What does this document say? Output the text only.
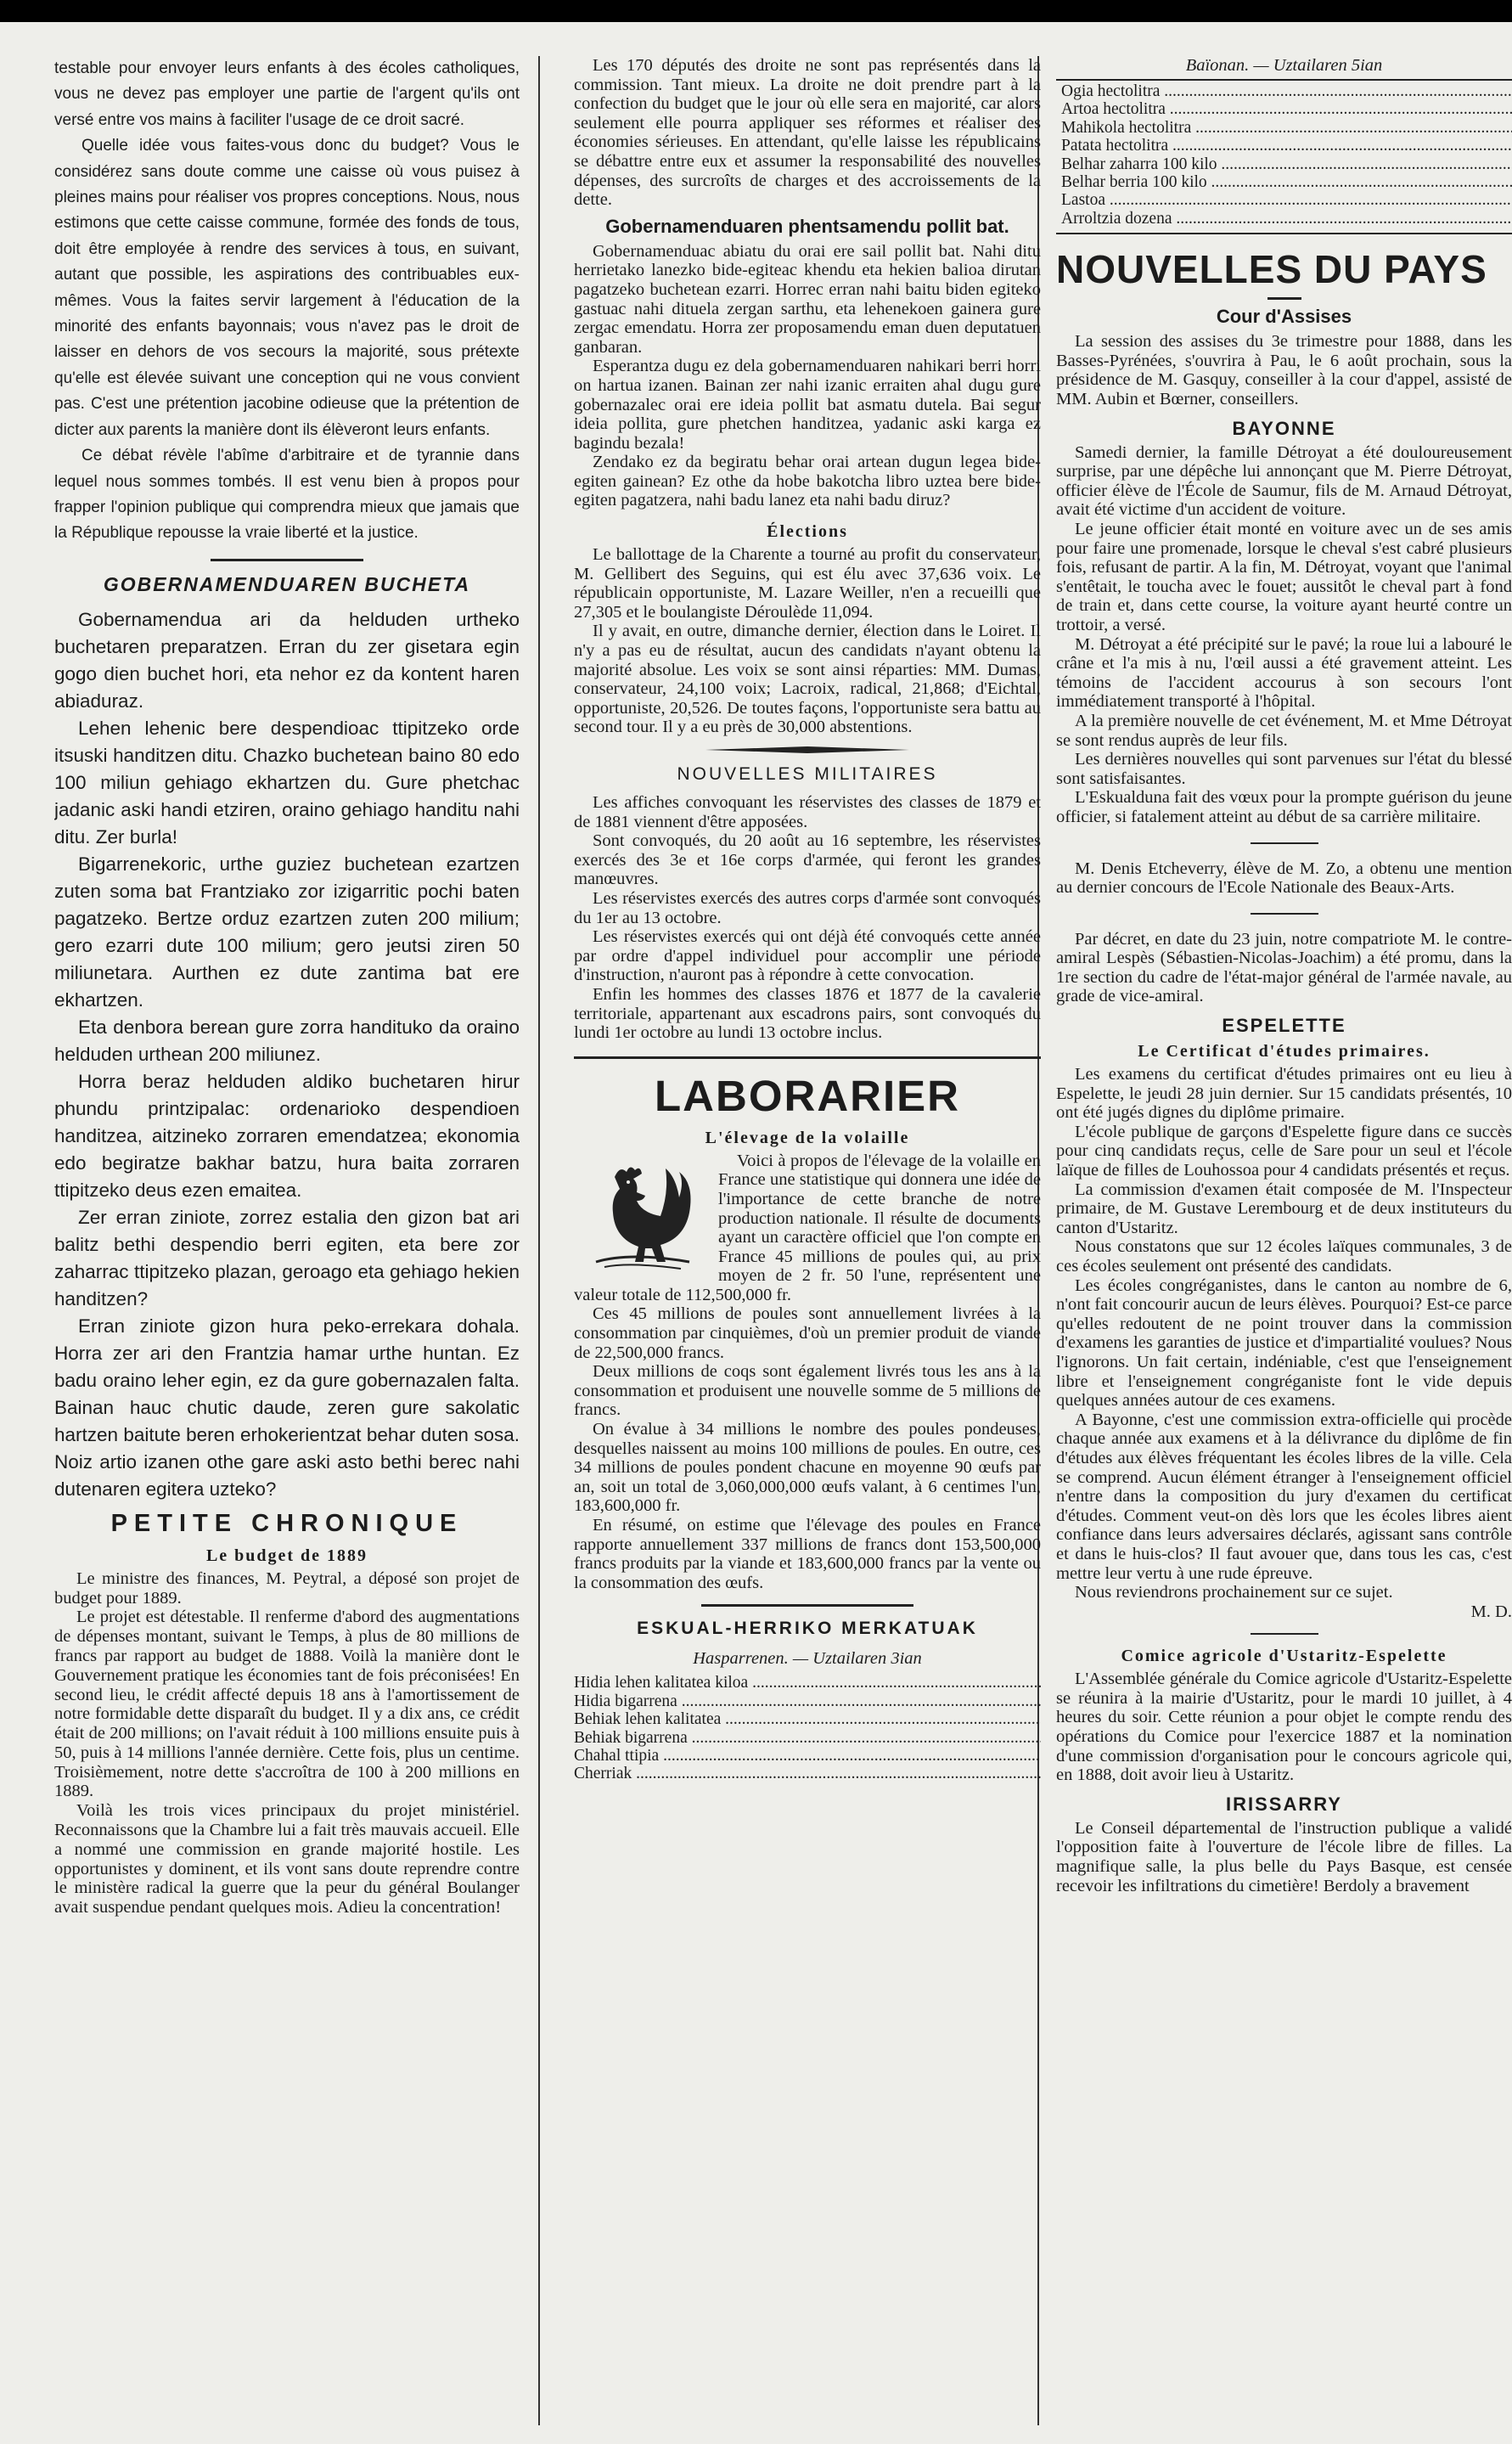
testable pour envoyer leurs enfants à des écoles catholiques, vous ne devez pas employer une partie de l'argent qu'ils ont versé entre vos mains à faciliter l'usage de ce droit sacré.

Quelle idée vous faites-vous donc du budget? Vous le considérez sans doute comme une caisse où vous puisez à pleines mains pour réaliser vos propres conceptions. Nous, nous estimons que cette caisse commune, formée des fonds de tous, doit être employée à rendre des services à tous, en suivant, autant que possible, les aspirations des contribuables eux-mêmes. Vous la faites servir largement à l'éducation de la minorité des enfants bayonnais; vous n'avez pas le droit de laisser en dehors de vos secours la majorité, sous prétexte qu'elle est élevée suivant une conception qui ne vous convient pas. C'est une prétention jacobine odieuse que la prétention de dicter aux parents la manière dont ils élèveront leurs enfants.

Ce débat révèle l'abîme d'arbitraire et de tyrannie dans lequel nous sommes tombés. Il est venu bien à propos pour frapper l'opinion publique qui comprendra mieux que jamais que la République repousse la vraie liberté et la justice.

GOBERNAMENDUAREN BUCHETA

Gobernamendua ari da helduden urtheko buchetaren preparatzen. Erran du zer gisetara egin gogo dien buchet hori, eta nehor ez da kontent haren abiaduraz.

Lehen lehenic bere despendioac ttipitzeko orde itsuski handitzen ditu. Chazko buchetean baino 80 edo 100 miliun gehiago ekhartzen du. Gure phetchac jadanic aski handi etziren, oraino gehiago handitu nahi ditu. Zer burla!

Bigarrenekoric, urthe guziez buchetean ezartzen zuten soma bat Frantziako zor izigarritic pochi baten pagatzeko. Bertze orduz ezartzen zuten 200 milium; gero ezarri dute 100 milium; gero jeutsi ziren 50 miliunetara. Aurthen ez dute zantima bat ere ekhartzen.

Eta denbora berean gure zorra handituko da oraino helduden urthean 200 miliunez.

Horra beraz helduden aldiko buchetaren hirur phundu printzipalac: ordenarioko despendioen handitzea, aitzineko zorraren emendatzea; ekonomia edo begiratze bakhar batzu, hura baita zorraren ttipitzeko deus ezen emaitea.

Zer erran ziniote, zorrez estalia den gizon bat ari balitz bethi despendio berri egiten, eta bere zor zaharrac ttipitzeko plazan, geroago eta gehiago hekien handitzen?

Erran ziniote gizon hura peko-errekara dohala. Horra zer ari den Frantzia hamar urthe huntan. Ez badu oraino leher egin, ez da gure gobernazalen falta. Bainan hauc chutic daude, zeren gure sakolatic hartzen baitute beren erhokerientzat behar duten sosa. Noiz artio izanen othe gare aski asto bethi berec nahi dutenaren egitera uzteko?

PETITE CHRONIQUE
Le budget de 1889

Le ministre des finances, M. Peytral, a déposé son projet de budget pour 1889.

Le projet est détestable. Il renferme d'abord des augmentations de dépenses montant, suivant le Temps, à plus de 80 millions de francs par rapport au budget de 1888. Voilà la manière dont le Gouvernement pratique les économies tant de fois préconisées! En second lieu, le crédit affecté depuis 18 ans à l'amortissement de notre formidable dette disparaît du budget. Il y a dix ans, ce crédit était de 200 millions; on l'avait réduit à 100 millions ensuite puis à 50, puis à 14 millions l'année dernière. Cette fois, plus un centime. Troisièmement, notre dette s'accroîtra de 100 à 200 millions en 1889.

Voilà les trois vices principaux du projet ministériel. Reconnaissons que la Chambre lui a fait très mauvais accueil. Elle a nommé une commission en grande majorité hostile. Les opportunistes y dominent, et ils vont sans doute reprendre contre le ministère radical la guerre que la peur du général Boulanger avait suspendue pendant quelques mois. Adieu la concentration!

Les 170 députés des droite ne sont pas représentés dans la commission. Tant mieux. La droite ne doit prendre part à la confection du budget que le jour où elle sera en majorité, car alors seulement elle pourra appliquer ses réformes et réaliser des économies sérieuses. En attendant, qu'elle laisse les républicains se débattre entre eux et assumer la responsabilité des nouvelles dépenses, des surcroîts de charges et des accroissements de la dette.

Gobernamenduaren phentsamendu pollit bat.

Gobernamenduac abiatu du orai ere sail pollit bat. Nahi ditu herrietako lanezko bide-egiteac khendu eta hekien balioa dirutan pagatzeko buchetean ezarri. Horrec erran nahi baitu biden egiteko gastuac nahi dituela zergan sarthu, eta lehenekoen gainera gure zergac emendatu. Horra zer proposamendu eman duen deputatuen ganbaran.

Esperantza dugu ez dela gobernamenduaren nahikari berri horri on hartua izanen. Bainan zer nahi izanic erraiten ahal dugu gure gobernazalec orai ere ideia pollit bat asmatu dutela. Bai segur ideia pollita, gure phetchen handitzea, yadanic aski karga ez bagindu bezala!

Zendako ez da begiratu behar orai artean dugun legea bide-egiten gainean? Ez othe da hobe bakotcha libro uztea bere bide-egiten pagatzera, nahi badu lanez eta nahi badu diruz?

Élections

Le ballottage de la Charente a tourné au profit du conservateur, M. Gellibert des Seguins, qui est élu avec 37,636 voix. Le républicain opportuniste, M. Lazare Weiller, n'en a recueilli que 27,305 et le boulangiste Déroulède 11,094.

Il y avait, en outre, dimanche dernier, élection dans le Loiret. Il n'y a pas eu de résultat, aucun des candidats n'ayant obtenu la majorité absolue. Les voix se sont ainsi réparties: MM. Dumas, conservateur, 24,100 voix; Lacroix, radical, 21,868; d'Eichtal, opportuniste, 20,526. De toutes façons, l'opportuniste sera battu au second tour. Il y a eu près de 30,000 abstentions.

NOUVELLES MILITAIRES

Les affiches convoquant les réservistes des classes de 1879 et de 1881 viennent d'être apposées.

Sont convoqués, du 20 août au 16 septembre, les réservistes exercés des 3e et 16e corps d'armée, qui feront les grandes manœuvres.

Les réservistes exercés des autres corps d'armée sont convoqués du 1er au 13 octobre.

Les réservistes exercés qui ont déjà été convoqués cette année par ordre d'appel individuel pour accomplir une période d'instruction, n'auront pas à répondre à cette convocation.

Enfin les hommes des classes 1876 et 1877 de la cavalerie territoriale, appartenant aux escadrons pairs, sont convoqués du lundi 1er octobre au lundi 13 octobre inclus.

LABORARIER
L'élevage de la volaille

Voici à propos de l'élevage de la volaille en France une statistique qui donnera une idée de l'importance de cette branche de notre production nationale. Il résulte de documents ayant un caractère officiel que l'on compte en France 45 millions de poules qui, au prix moyen de 2 fr. 50 l'une, représentent une valeur totale de 112,500,000 fr.

Ces 45 millions de poules sont annuellement livrées à la consommation par cinquièmes, d'où un premier produit de viande de 22,500,000 francs.

Deux millions de coqs sont également livrés tous les ans à la consommation et produisent une nouvelle somme de 5 millions de francs.

On évalue à 34 millions le nombre des poules pondeuses, desquelles naissent au moins 100 millions de poules. En outre, ces 34 millions de poules pondent chacune en moyenne 90 œufs par an, soit un total de 3,060,000,000 œufs valant, à 6 centimes l'un, 183,600,000 fr.

En résumé, on estime que l'élevage des poules en France rapporte annuellement 337 millions de francs dont 153,500,000 francs produits par la viande et 183,600,000 francs par la vente ou la consommation des œufs.

ESKUAL-HERRIKO MERKATUAK
Hasparrenen. — Uztailaren 3ian
Hidia lehen kalitatea kiloa .....			
Hidia bigarrena .....			
Behiak lehen kalitatea .....			
Behiak bigarrena .....			
Chahal ttipia .....			
Cherriak .....			
Baïonan. — Uztailaren 5ian
Ogia hectolitra .....			
Artoa hectolitra .....			
Mahikola hectolitra .....			
Patata hectolitra .....			
Belhar zaharra 100 kilo .....			
Belhar berria 100 kilo .....			
Lastoa .....			
Arroltzia dozena .....			
NOUVELLES DU PAYS
Cour d'Assises

La session des assises du 3e trimestre pour 1888, dans les Basses-Pyrénées, s'ouvrira à Pau, le 6 août prochain, sous la présidence de M. Gasquy, conseiller à la cour d'appel, assisté de MM. Aubin et Bœrner, conseillers.

BAYONNE

Samedi dernier, la famille Détroyat a été douloureusement surprise, par une dépêche lui annonçant que M. Pierre Détroyat, officier élève de l'École de Saumur, fils de M. Arnaud Détroyat, avait été victime d'un accident de voiture.

Le jeune officier était monté en voiture avec un de ses amis pour faire une promenade, lorsque le cheval s'est cabré plusieurs fois, refusant de partir. A la fin, M. Détroyat, voyant que l'animal s'entêtait, le toucha avec le fouet; aussitôt le cheval part à fond de train et, dans cette course, la voiture ayant heurté contre un trottoir, a versé.

M. Détroyat a été précipité sur le pavé; la roue lui a labouré le crâne et l'a mis à nu, l'œil aussi a été gravement atteint. Les témoins de l'accident accourus à son secours l'ont immédiatement transporté à l'hôpital.

A la première nouvelle de cet événement, M. et Mme Détroyat se sont rendus auprès de leur fils.

Les dernières nouvelles qui sont parvenues sur l'état du blessé sont satisfaisantes.

L'Eskualduna fait des vœux pour la prompte guérison du jeune officier, si fatalement atteint au début de sa carrière militaire.

M. Denis Etcheverry, élève de M. Zo, a obtenu une mention au dernier concours de l'Ecole Nationale des Beaux-Arts.

Par décret, en date du 23 juin, notre compatriote M. le contre-amiral Lespès (Sébastien-Nicolas-Joachim) a été promu, dans la 1re section du cadre de l'état-major général de l'armée navale, au grade de vice-amiral.

ESPELETTE
Le Certificat d'études primaires.

Les examens du certificat d'études primaires ont eu lieu à Espelette, le jeudi 28 juin dernier. Sur 15 candidats présentés, 10 ont été jugés dignes du diplôme primaire.

L'école publique de garçons d'Espelette figure dans ce succès pour cinq candidats reçus, celle de Sare pour un seul et l'école laïque de filles de Louhossoa pour 4 candidats présentés et reçus.

La commission d'examen était composée de M. l'Inspecteur primaire, de M. Gustave Lerembourg et de deux instituteurs du canton d'Ustaritz.

Nous constatons que sur 12 écoles laïques communales, 3 de ces écoles seulement ont présenté des candidats.

Les écoles congréganistes, dans le canton au nombre de 6, n'ont fait concourir aucun de leurs élèves. Pourquoi? Est-ce parce qu'elles redoutent de ne point trouver dans la commission d'examens les garanties de justice et d'impartialité voulues? Nous l'ignorons. Un fait certain, indéniable, c'est que l'enseignement libre et l'enseignement congréganiste font le vide depuis quelques années autour de ces examens.

A Bayonne, c'est une commission extra-officielle qui procède chaque année aux examens et à la délivrance du diplôme de fin d'études aux élèves fréquentant les écoles libres de la ville. Cela se comprend. Aucun élément étranger à l'enseignement officiel n'entre dans la composition du jury d'examen du certificat d'études. Comment veut-on dès lors que les écoles libres aient confiance dans leurs adversaires déclarés, agissant sans contrôle et dans le huis-clos? Il faut avouer que, dans tous les cas, c'est mettre leur vertu à une rude épreuve.

Nous reviendrons prochainement sur ce sujet.

M. D.

Comice agricole d'Ustaritz-Espelette

L'Assemblée générale du Comice agricole d'Ustaritz-Espelette se réunira à la mairie d'Ustaritz, pour le mardi 10 juillet, à 4 heures du soir. Cette réunion a pour objet le compte rendu des opérations du Comice pour l'exercice 1887 et la nomination d'une commission d'organisation pour le concours agricole qui, en 1888, doit avoir lieu à Ustaritz.

IRISSARRY

Le Conseil départemental de l'instruction publique a validé l'opposition faite à l'ouverture de l'école libre de filles. La magnifique salle, la plus belle du Pays Basque, est censée recevoir les infiltrations du cimetière! Berdoly a bravement
